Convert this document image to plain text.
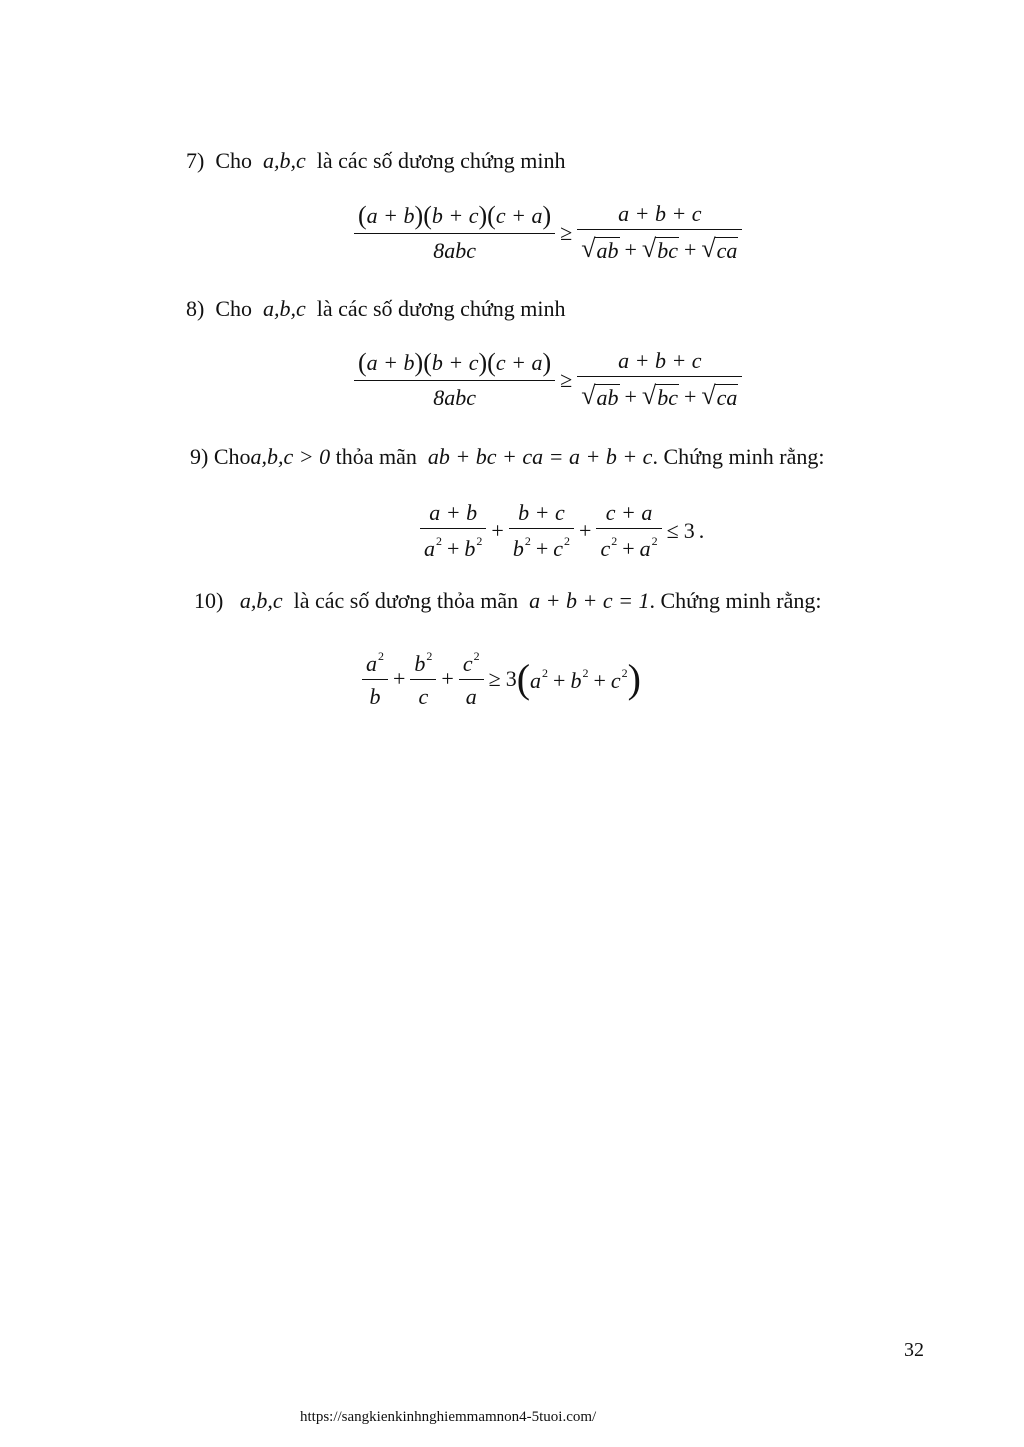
7) Cho a,b,c là các số dương chứng minh
$\frac{(a + b)(b + c)(c + a)}{\text{8abc}} \ge \frac{a + b + c}{√ ab + √ bc + √ ca}$
8) Cho a,b,c là các số dương chứng minh
$\frac{(a + b)(b + c)(c + a)}{\text{8abc}} \ge \frac{a + b + c}{√ ab + √ bc + √ ca}$
9) Choa,b,c > 0 thỏa mãn ab + bc + ca = a + b + c. Chứng minh rằng:
$\frac{a + b}{a^2 + b^2} + \frac{b + c}{b^2 + c^2} + \frac{c + a}{c^2 + a^2} \le 3$ .
10) a,b,c là các số dương thỏa mãn a + b + c = 1. Chứng minh rằng:
$\frac{a^2}{b} + \frac{b^2}{c} + \frac{c^2}{a} \ge 3$ ( $a^2 + b^2 + c^2$ )
32
https://sangkienkinhnghiemmamnon4-5tuoi.com/
